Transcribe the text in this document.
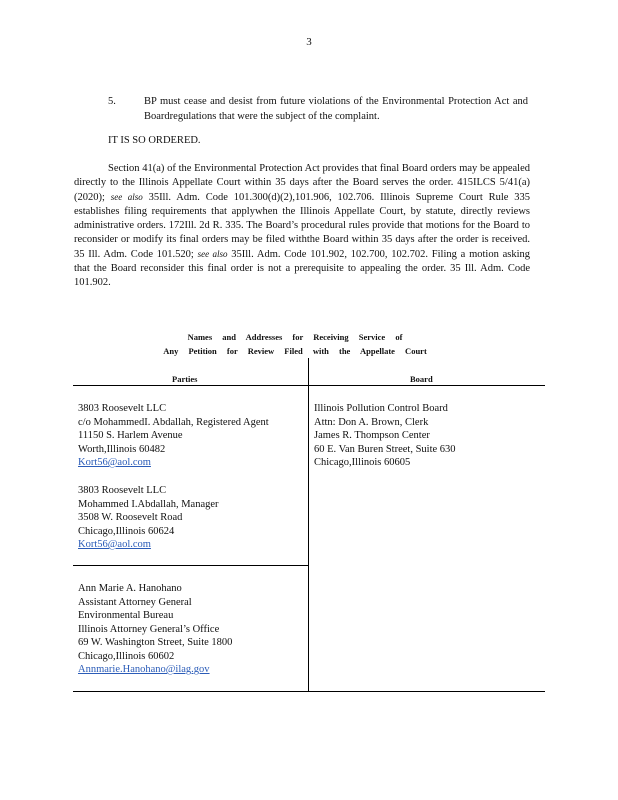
3
5.	BP must cease and desist from future violations of the Environmental Protection Act and Boardregulations that were the subject of the complaint.
IT IS SO ORDERED.
Section 41(a) of the Environmental Protection Act provides that final Board orders may be appealed directly to the Illinois Appellate Court within 35 days after the Board serves the order. 415ILCS 5/41(a) (2020); see also 35Ill. Adm. Code 101.300(d)(2),101.906, 102.706. Illinois Supreme Court Rule 335 establishes filing requirements that applywhen the Illinois Appellate Court, by statute, directly reviews administrative orders. 172Ill. 2d R. 335. The Board’s procedural rules provide that motions for the Board to reconsider or modify its final orders may be filed withthe Board within 35 days after the order is received. 35 Ill. Adm. Code 101.520; see also 35Ill. Adm. Code 101.902, 102.700, 102.702. Filing a motion asking that the Board reconsider this final order is not a prerequisite to appealing the order. 35 Ill. Adm. Code 101.902.
Names and Addresses for Receiving Service of
Any Petition for Review Filed with the Appellate Court
Parties	Board
3803 Roosevelt LLC
c/o MohammedI. Abdallah, Registered Agent
11150 S. Harlem Avenue
Worth,Illinois 60482
Kort56@aol.com
3803 Roosevelt LLC
Mohammed I.Abdallah, Manager
3508 W. Roosevelt Road
Chicago,Illinois 60624
Kort56@aol.com
Ann Marie A. Hanohano
Assistant Attorney General
Environmental Bureau
Illinois Attorney General’s Office
69 W. Washington Street, Suite 1800
Chicago,Illinois 60602
Annmarie.Hanohano@ilag.gov
Illinois Pollution Control Board
Attn: Don A. Brown, Clerk
James R. Thompson Center
60 E. Van Buren Street, Suite 630
Chicago,Illinois 60605
